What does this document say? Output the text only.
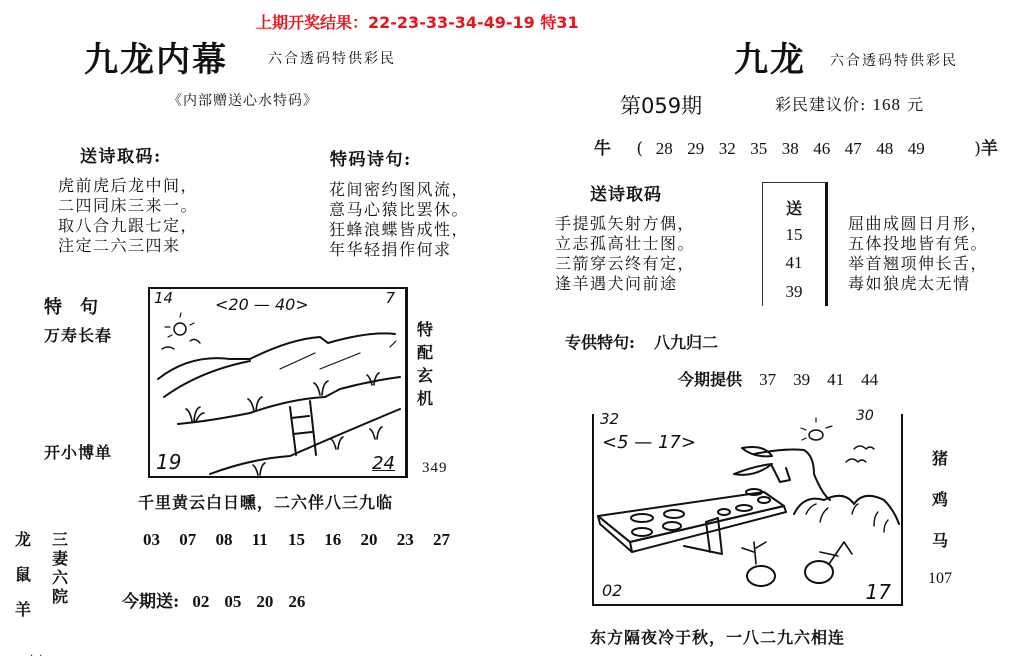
上期开奖结果：22-23-33-34-49-19 特31
九龙内幕	六合透码特供彩民
《内部赠送心水特码》
送诗取码:
虎前虎后龙中间，
二四同床三来一。
取八合九跟七定，
注定二六三四来
特码诗句:
花间密约图风流，
意马心猿比罢休。
狂蜂浪蝶皆成性，
年华轻捐作何求
特　句
万寿长春
开小博单
14	7
19	24
<20 — 40>
特
配
玄
机
349
千里黄云白日曛，二六伴八三九临
龙
鼠
羊
三
妻
六
院
03 07 08 11 15 16 20 23 27
今期送: 02 05 20 26
..
九龙 六合透码特供彩民
第059期	彩民建议价: 168 元
牛 ( 28 29 32 35 38 46 47 48 49	)羊
送诗取码
手提弧矢射方偶，
立志孤高壮士图。
三箭穿云终有定，
逢羊遇犬问前途
送
15
41
39
屈曲成圆日月形，
五体投地皆有凭。
举首翘项伸长舌，
毒如狼虎太无情
专供特句: 八九归二
今期提供 37 39 41 44
32	30
02	17
<5 — 17>
猪
鸡
马
107
东方隔夜冷于秋，一八二九六相连
